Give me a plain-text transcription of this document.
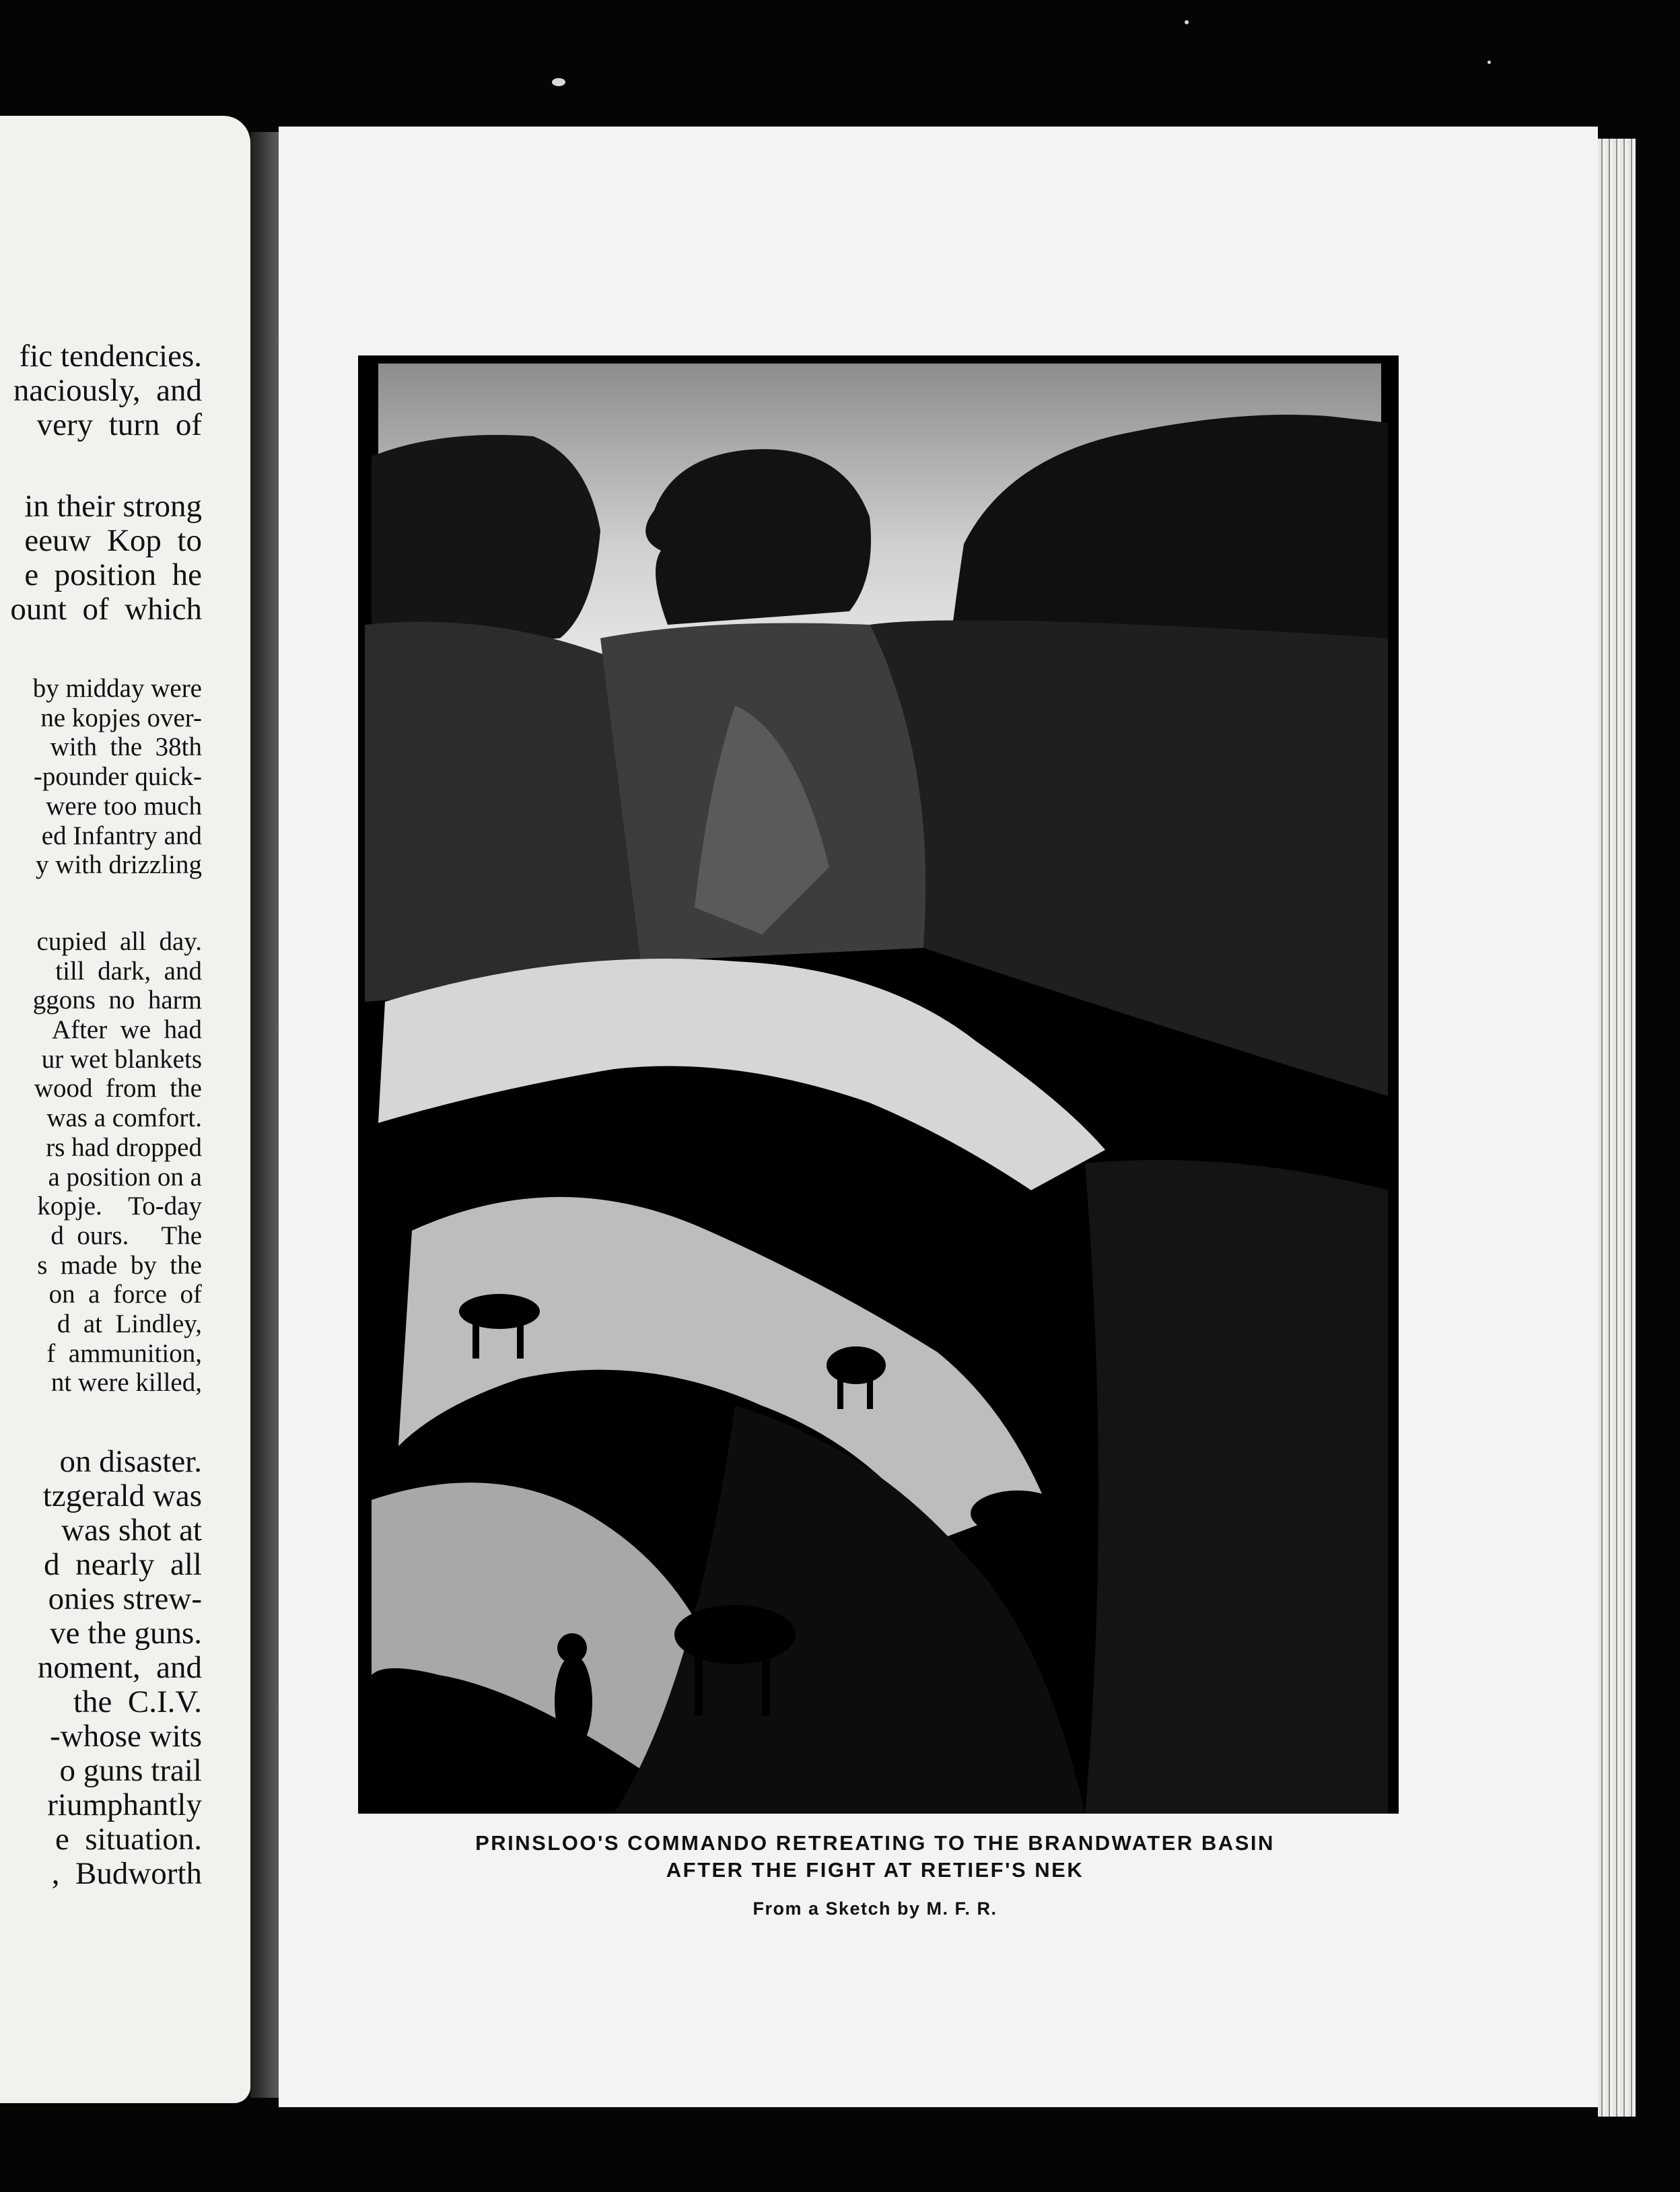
fic tendencies.
naciously,  and
very  turn  of
in their strong
eeuw  Kop  to
e  position  he
ount  of  which
by midday were
ne kopjes over-
with  the  38th
-pounder quick-
were too much
ed Infantry and
y with drizzling
cupied  all  day.
till  dark,  and
ggons  no  harm
After  we  had
ur wet blankets
wood  from  the
was a comfort.
rs had dropped
a position on a
kopje.    To-day
d  ours.     The
s  made  by  the
on  a  force  of
d  at  Lindley,
f  ammunition,
nt were killed,
on disaster.
tzgerald was
was shot at
d  nearly  all
onies strew-
ve the guns.
noment,  and
the  C.I.V.
-whose wits
o guns trail
riumphantly
e  situation.
,  Budworth
PRINSLOO'S COMMANDO RETREATING TO THE BRANDWATER BASIN
AFTER THE FIGHT AT RETIEF'S NEK
From a Sketch by M. F. R.
